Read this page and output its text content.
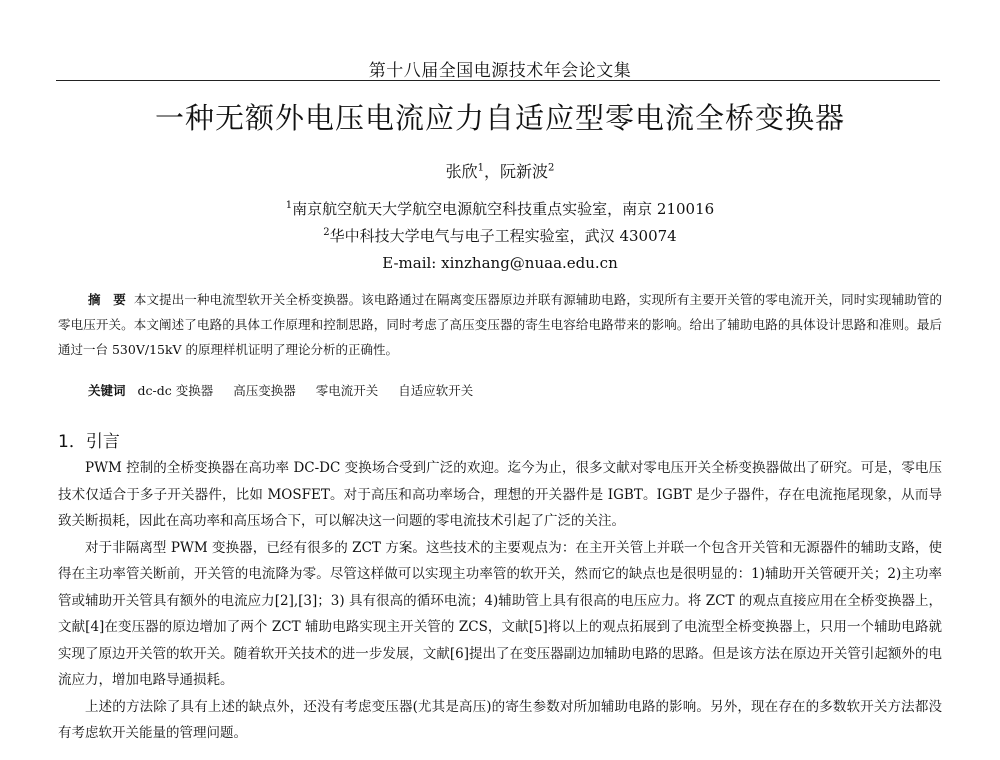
第十八届全国电源技术年会论文集
一种无额外电压电流应力自适应型零电流全桥变换器
张欣$^1$，阮新波$^2$
$^1$南京航空航天大学航空电源航空科技重点实验室，南京 210016
$^2$华中科技大学电气与电子工程实验室，武汉 430074
E-mail: xinzhang@nuaa.edu.cn
摘　要 本文提出一种电流型软开关全桥变换器。该电路通过在隔离变压器原边并联有源辅助电路，实现所有主要开关管的零电流开关，同时实现辅助管的零电压开关。本文阐述了电路的具体工作原理和控制思路，同时考虑了高压变压器的寄生电容给电路带来的影响。给出了辅助电路的具体设计思路和准则。最后通过一台 530V/15kV 的原理样机证明了理论分析的正确性。
关键词 dc-dc 变换器 高压变换器 零电流开关 自适应软开关
1．引言

PWM 控制的全桥变换器在高功率 DC-DC 变换场合受到广泛的欢迎。迄今为止，很多文献对零电压开关全桥变换器做出了研究。可是，零电压技术仅适合于多子开关器件，比如 MOSFET。对于高压和高功率场合，理想的开关器件是 IGBT。IGBT 是少子器件，存在电流拖尾现象，从而导致关断损耗，因此在高功率和高压场合下，可以解决这一问题的零电流技术引起了广泛的关注。

对于非隔离型 PWM 变换器，已经有很多的 ZCT 方案。这些技术的主要观点为：在主开关管上并联一个包含开关管和无源器件的辅助支路，使得在主功率管关断前，开关管的电流降为零。尽管这样做可以实现主功率管的软开关，然而它的缺点也是很明显的：1)辅助开关管硬开关；2)主功率管或辅助开关管具有额外的电流应力[2],[3]；3) 具有很高的循环电流；4)辅助管上具有很高的电压应力。将 ZCT 的观点直接应用在全桥变换器上，文献[4]在变压器的原边增加了两个 ZCT 辅助电路实现主开关管的 ZCS，文献[5]将以上的观点拓展到了电流型全桥变换器上，只用一个辅助电路就实现了原边开关管的软开关。随着软开关技术的进一步发展，文献[6]提出了在变压器副边加辅助电路的思路。但是该方法在原边开关管引起额外的电流应力，增加电路导通损耗。

上述的方法除了具有上述的缺点外，还没有考虑变压器(尤其是高压)的寄生参数对所加辅助电路的影响。另外，现在存在的多数软开关方法都没有考虑软开关能量的管理问题。
